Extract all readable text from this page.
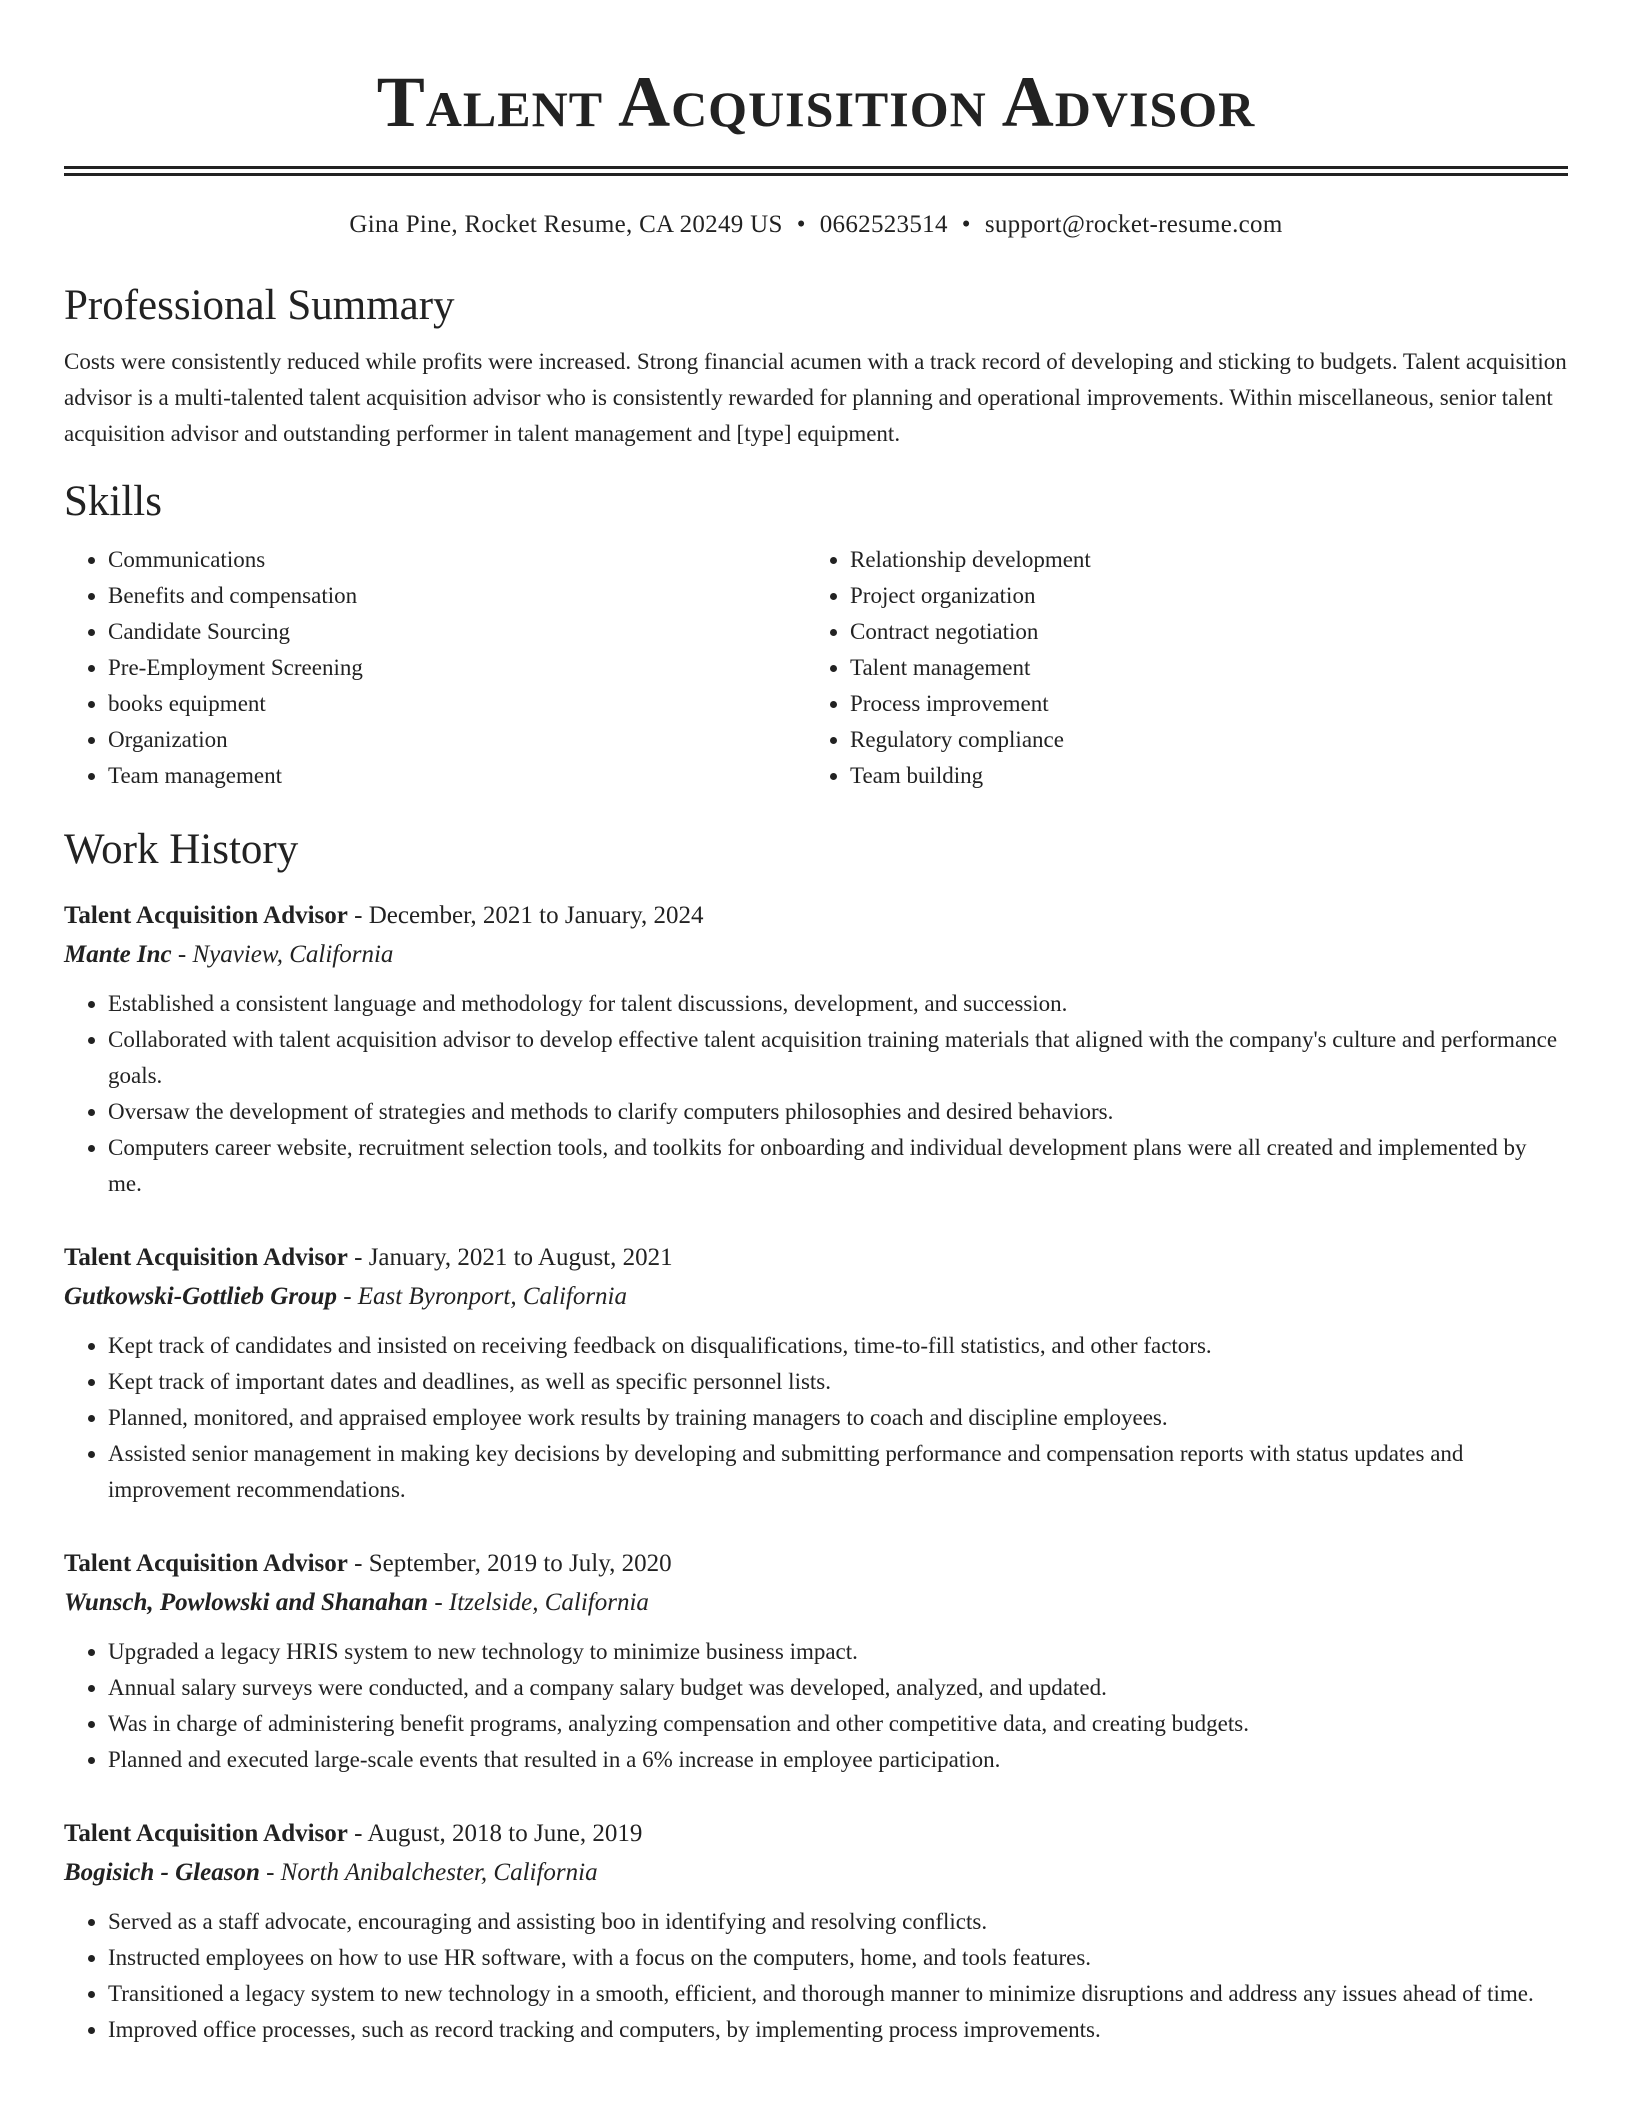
Talent Acquisition Advisor
Gina Pine, Rocket Resume, CA 20249 US • 0662523514 • support@rocket-resume.com
Professional Summary
Costs were consistently reduced while profits were increased. Strong financial acumen with a track record of developing and sticking to budgets. Talent acquisition advisor is a multi-talented talent acquisition advisor who is consistently rewarded for planning and operational improvements. Within miscellaneous, senior talent acquisition advisor and outstanding performer in talent management and [type] equipment.
Skills
• Communications
• Benefits and compensation
• Candidate Sourcing
• Pre-Employment Screening
• books equipment
• Organization
• Team management
• Relationship development
• Project organization
• Contract negotiation
• Talent management
• Process improvement
• Regulatory compliance
• Team building
Work History
Talent Acquisition Advisor - December, 2021 to January, 2024
Mante Inc - Nyaview, California
• Established a consistent language and methodology for talent discussions, development, and succession.
• Collaborated with talent acquisition advisor to develop effective talent acquisition training materials that aligned with the company's culture and performance goals.
• Oversaw the development of strategies and methods to clarify computers philosophies and desired behaviors.
• Computers career website, recruitment selection tools, and toolkits for onboarding and individual development plans were all created and implemented by me.
Talent Acquisition Advisor - January, 2021 to August, 2021
Gutkowski-Gottlieb Group - East Byronport, California
• Kept track of candidates and insisted on receiving feedback on disqualifications, time-to-fill statistics, and other factors.
• Kept track of important dates and deadlines, as well as specific personnel lists.
• Planned, monitored, and appraised employee work results by training managers to coach and discipline employees.
• Assisted senior management in making key decisions by developing and submitting performance and compensation reports with status updates and improvement recommendations.
Talent Acquisition Advisor - September, 2019 to July, 2020
Wunsch, Powlowski and Shanahan - Itzelside, California
• Upgraded a legacy HRIS system to new technology to minimize business impact.
• Annual salary surveys were conducted, and a company salary budget was developed, analyzed, and updated.
• Was in charge of administering benefit programs, analyzing compensation and other competitive data, and creating budgets.
• Planned and executed large-scale events that resulted in a 6% increase in employee participation.
Talent Acquisition Advisor - August, 2018 to June, 2019
Bogisich - Gleason - North Anibalchester, California
• Served as a staff advocate, encouraging and assisting boo in identifying and resolving conflicts.
• Instructed employees on how to use HR software, with a focus on the computers, home, and tools features.
• Transitioned a legacy system to new technology in a smooth, efficient, and thorough manner to minimize disruptions and address any issues ahead of time.
• Improved office processes, such as record tracking and computers, by implementing process improvements.
